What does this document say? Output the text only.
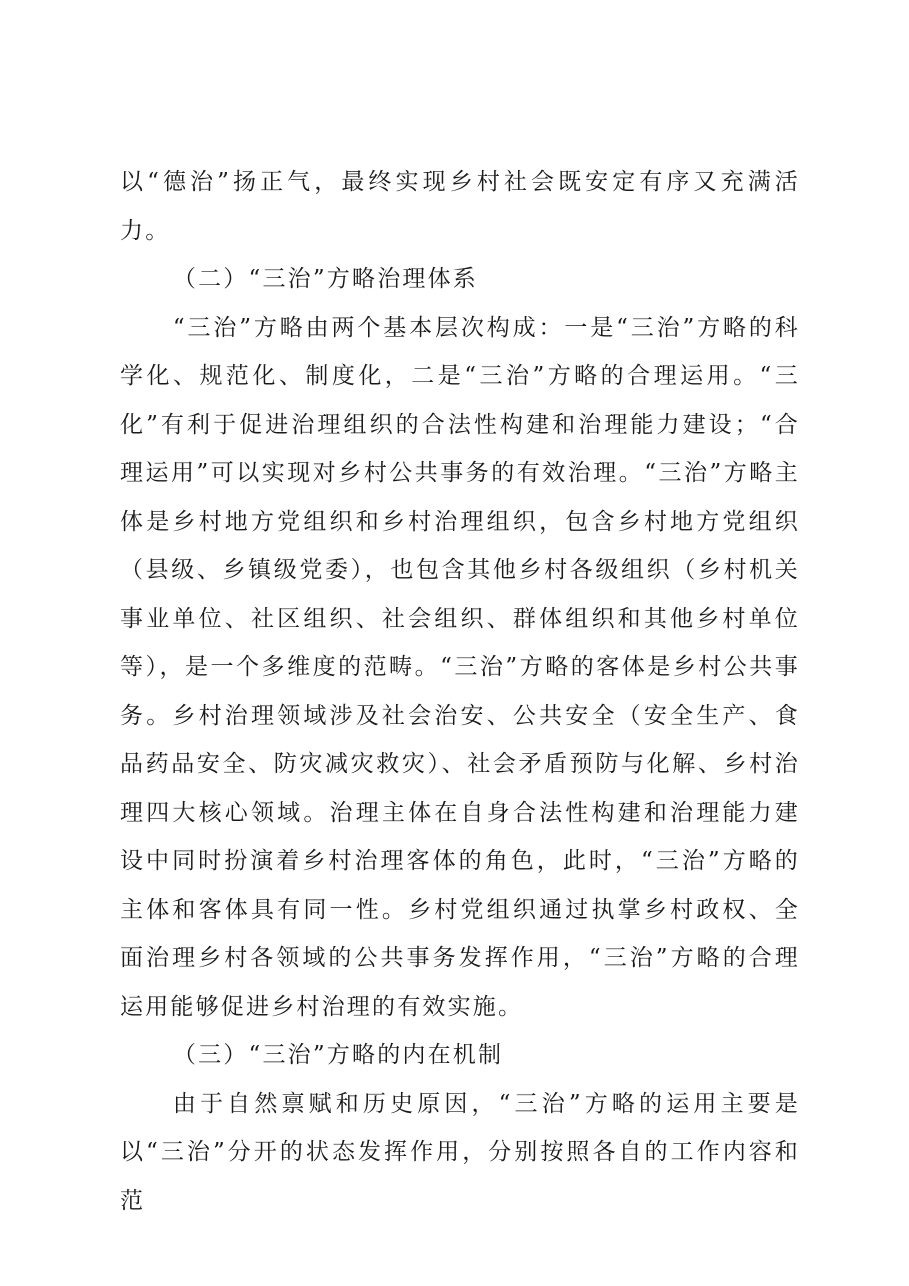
以“德治”扬正气，最终实现乡村社会既安定有序又充满活力。

（二）“三治”方略治理体系

“三治”方略由两个基本层次构成：一是“三治”方略的科学化、规范化、制度化，二是“三治”方略的合理运用。“三化”有利于促进治理组织的合法性构建和治理能力建设；“合理运用”可以实现对乡村公共事务的有效治理。“三治”方略主体是乡村地方党组织和乡村治理组织，包含乡村地方党组织（县级、乡镇级党委），也包含其他乡村各级组织（乡村机关事业单位、社区组织、社会组织、群体组织和其他乡村单位等），是一个多维度的范畴。“三治”方略的客体是乡村公共事务。乡村治理领域涉及社会治安、公共安全（安全生产、食品药品安全、防灾减灾救灾）、社会矛盾预防与化解、乡村治理四大核心领域。治理主体在自身合法性构建和治理能力建设中同时扮演着乡村治理客体的角色，此时，“三治”方略的主体和客体具有同一性。乡村党组织通过执掌乡村政权、全面治理乡村各领域的公共事务发挥作用，“三治”方略的合理运用能够促进乡村治理的有效实施。

（三）“三治”方略的内在机制

由于自然禀赋和历史原因，“三治”方略的运用主要是以“三治”分开的状态发挥作用，分别按照各自的工作内容和范
